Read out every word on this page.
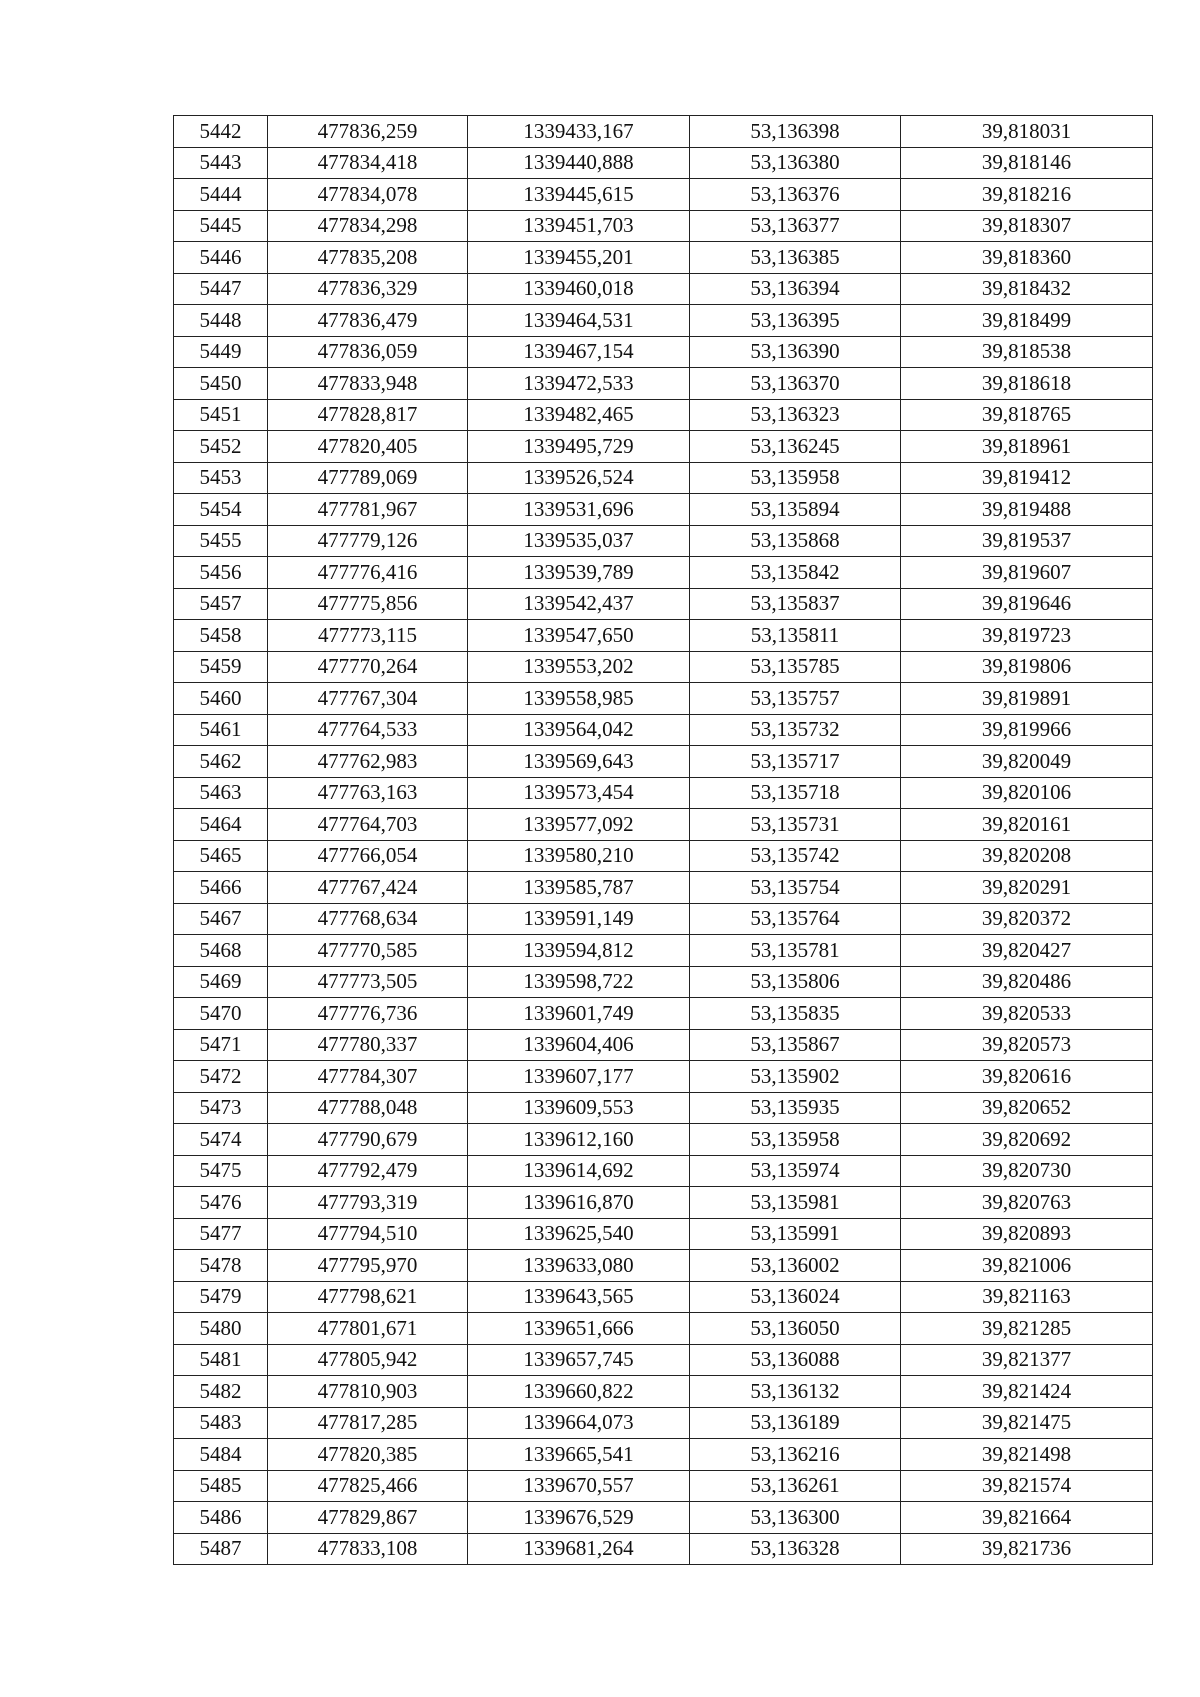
5442	477836,259	1339433,167	53,136398	39,818031
5443	477834,418	1339440,888	53,136380	39,818146
5444	477834,078	1339445,615	53,136376	39,818216
5445	477834,298	1339451,703	53,136377	39,818307
5446	477835,208	1339455,201	53,136385	39,818360
5447	477836,329	1339460,018	53,136394	39,818432
5448	477836,479	1339464,531	53,136395	39,818499
5449	477836,059	1339467,154	53,136390	39,818538
5450	477833,948	1339472,533	53,136370	39,818618
5451	477828,817	1339482,465	53,136323	39,818765
5452	477820,405	1339495,729	53,136245	39,818961
5453	477789,069	1339526,524	53,135958	39,819412
5454	477781,967	1339531,696	53,135894	39,819488
5455	477779,126	1339535,037	53,135868	39,819537
5456	477776,416	1339539,789	53,135842	39,819607
5457	477775,856	1339542,437	53,135837	39,819646
5458	477773,115	1339547,650	53,135811	39,819723
5459	477770,264	1339553,202	53,135785	39,819806
5460	477767,304	1339558,985	53,135757	39,819891
5461	477764,533	1339564,042	53,135732	39,819966
5462	477762,983	1339569,643	53,135717	39,820049
5463	477763,163	1339573,454	53,135718	39,820106
5464	477764,703	1339577,092	53,135731	39,820161
5465	477766,054	1339580,210	53,135742	39,820208
5466	477767,424	1339585,787	53,135754	39,820291
5467	477768,634	1339591,149	53,135764	39,820372
5468	477770,585	1339594,812	53,135781	39,820427
5469	477773,505	1339598,722	53,135806	39,820486
5470	477776,736	1339601,749	53,135835	39,820533
5471	477780,337	1339604,406	53,135867	39,820573
5472	477784,307	1339607,177	53,135902	39,820616
5473	477788,048	1339609,553	53,135935	39,820652
5474	477790,679	1339612,160	53,135958	39,820692
5475	477792,479	1339614,692	53,135974	39,820730
5476	477793,319	1339616,870	53,135981	39,820763
5477	477794,510	1339625,540	53,135991	39,820893
5478	477795,970	1339633,080	53,136002	39,821006
5479	477798,621	1339643,565	53,136024	39,821163
5480	477801,671	1339651,666	53,136050	39,821285
5481	477805,942	1339657,745	53,136088	39,821377
5482	477810,903	1339660,822	53,136132	39,821424
5483	477817,285	1339664,073	53,136189	39,821475
5484	477820,385	1339665,541	53,136216	39,821498
5485	477825,466	1339670,557	53,136261	39,821574
5486	477829,867	1339676,529	53,136300	39,821664
5487	477833,108	1339681,264	53,136328	39,821736
